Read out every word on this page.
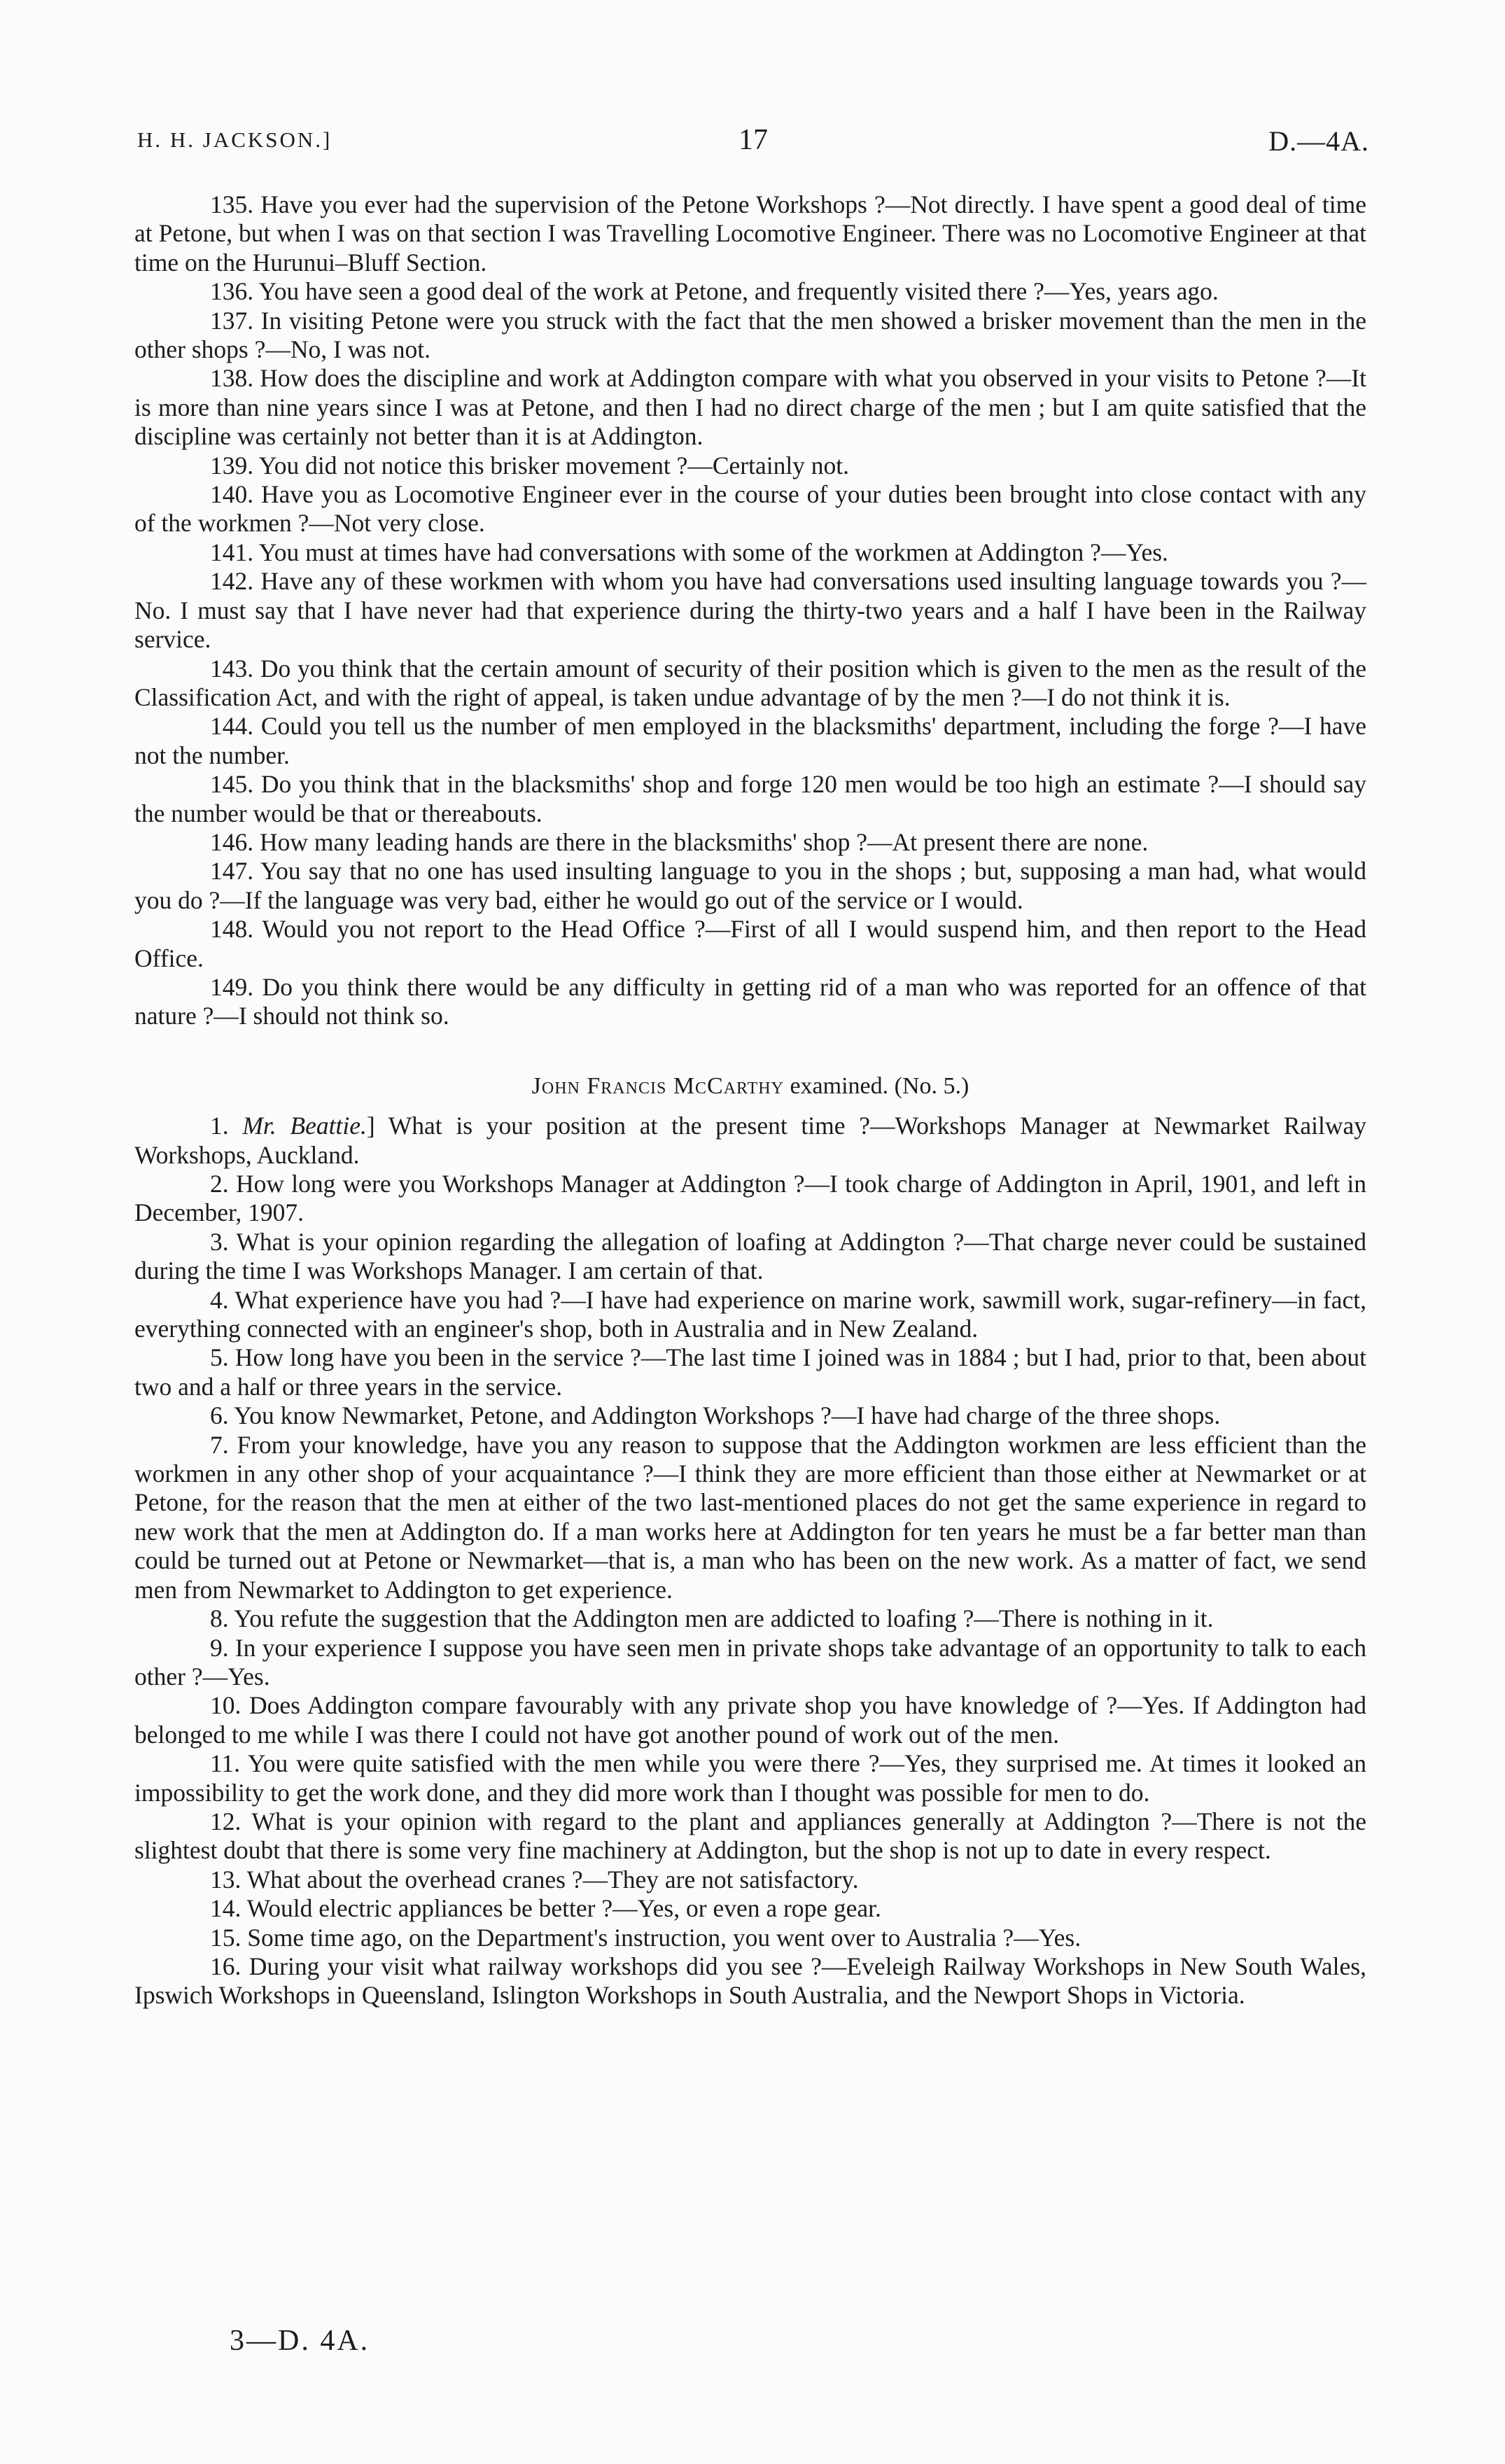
H. H. JACKSON.]	17	D.—4A.

135. Have you ever had the supervision of the Petone Workshops ?—Not directly. I have spent a good deal of time at Petone, but when I was on that section I was Travelling Locomotive Engineer. There was no Locomotive Engineer at that time on the Hurunui–Bluff Section.

136. You have seen a good deal of the work at Petone, and frequently visited there ?—Yes, years ago.

137. In visiting Petone were you struck with the fact that the men showed a brisker movement than the men in the other shops ?—No, I was not.

138. How does the discipline and work at Addington compare with what you observed in your visits to Petone ?—It is more than nine years since I was at Petone, and then I had no direct charge of the men ; but I am quite satisfied that the discipline was certainly not better than it is at Addington.

139. You did not notice this brisker movement ?—Certainly not.

140. Have you as Locomotive Engineer ever in the course of your duties been brought into close contact with any of the workmen ?—Not very close.

141. You must at times have had conversations with some of the workmen at Addington ?—Yes.

142. Have any of these workmen with whom you have had conversations used insulting language towards you ?—No. I must say that I have never had that experience during the thirty-two years and a half I have been in the Railway service.

143. Do you think that the certain amount of security of their position which is given to the men as the result of the Classification Act, and with the right of appeal, is taken undue advantage of by the men ?—I do not think it is.

144. Could you tell us the number of men employed in the blacksmiths' department, including the forge ?—I have not the number.

145. Do you think that in the blacksmiths' shop and forge 120 men would be too high an estimate ?—I should say the number would be that or thereabouts.

146. How many leading hands are there in the blacksmiths' shop ?—At present there are none.

147. You say that no one has used insulting language to you in the shops ; but, supposing a man had, what would you do ?—If the language was very bad, either he would go out of the service or I would.

148. Would you not report to the Head Office ?—First of all I would suspend him, and then report to the Head Office.

149. Do you think there would be any difficulty in getting rid of a man who was reported for an offence of that nature ?—I should not think so.

John Francis McCarthy examined. (No. 5.)

1. Mr. Beattie.] What is your position at the present time ?—Workshops Manager at Newmarket Railway Workshops, Auckland.

2. How long were you Workshops Manager at Addington ?—I took charge of Addington in April, 1901, and left in December, 1907.

3. What is your opinion regarding the allegation of loafing at Addington ?—That charge never could be sustained during the time I was Workshops Manager. I am certain of that.

4. What experience have you had ?—I have had experience on marine work, sawmill work, sugar-refinery—in fact, everything connected with an engineer's shop, both in Australia and in New Zealand.

5. How long have you been in the service ?—The last time I joined was in 1884 ; but I had, prior to that, been about two and a half or three years in the service.

6. You know Newmarket, Petone, and Addington Workshops ?—I have had charge of the three shops.

7. From your knowledge, have you any reason to suppose that the Addington workmen are less efficient than the workmen in any other shop of your acquaintance ?—I think they are more efficient than those either at Newmarket or at Petone, for the reason that the men at either of the two last-mentioned places do not get the same experience in regard to new work that the men at Addington do. If a man works here at Addington for ten years he must be a far better man than could be turned out at Petone or Newmarket—that is, a man who has been on the new work. As a matter of fact, we send men from Newmarket to Addington to get experience.

8. You refute the suggestion that the Addington men are addicted to loafing ?—There is nothing in it.

9. In your experience I suppose you have seen men in private shops take advantage of an opportunity to talk to each other ?—Yes.

10. Does Addington compare favourably with any private shop you have knowledge of ?—Yes. If Addington had belonged to me while I was there I could not have got another pound of work out of the men.

11. You were quite satisfied with the men while you were there ?—Yes, they surprised me. At times it looked an impossibility to get the work done, and they did more work than I thought was possible for men to do.

12. What is your opinion with regard to the plant and appliances generally at Addington ?—There is not the slightest doubt that there is some very fine machinery at Addington, but the shop is not up to date in every respect.

13. What about the overhead cranes ?—They are not satisfactory.

14. Would electric appliances be better ?—Yes, or even a rope gear.

15. Some time ago, on the Department's instruction, you went over to Australia ?—Yes.

16. During your visit what railway workshops did you see ?—Eveleigh Railway Workshops in New South Wales, Ipswich Workshops in Queensland, Islington Workshops in South Australia, and the Newport Shops in Victoria.

3—D. 4A.
